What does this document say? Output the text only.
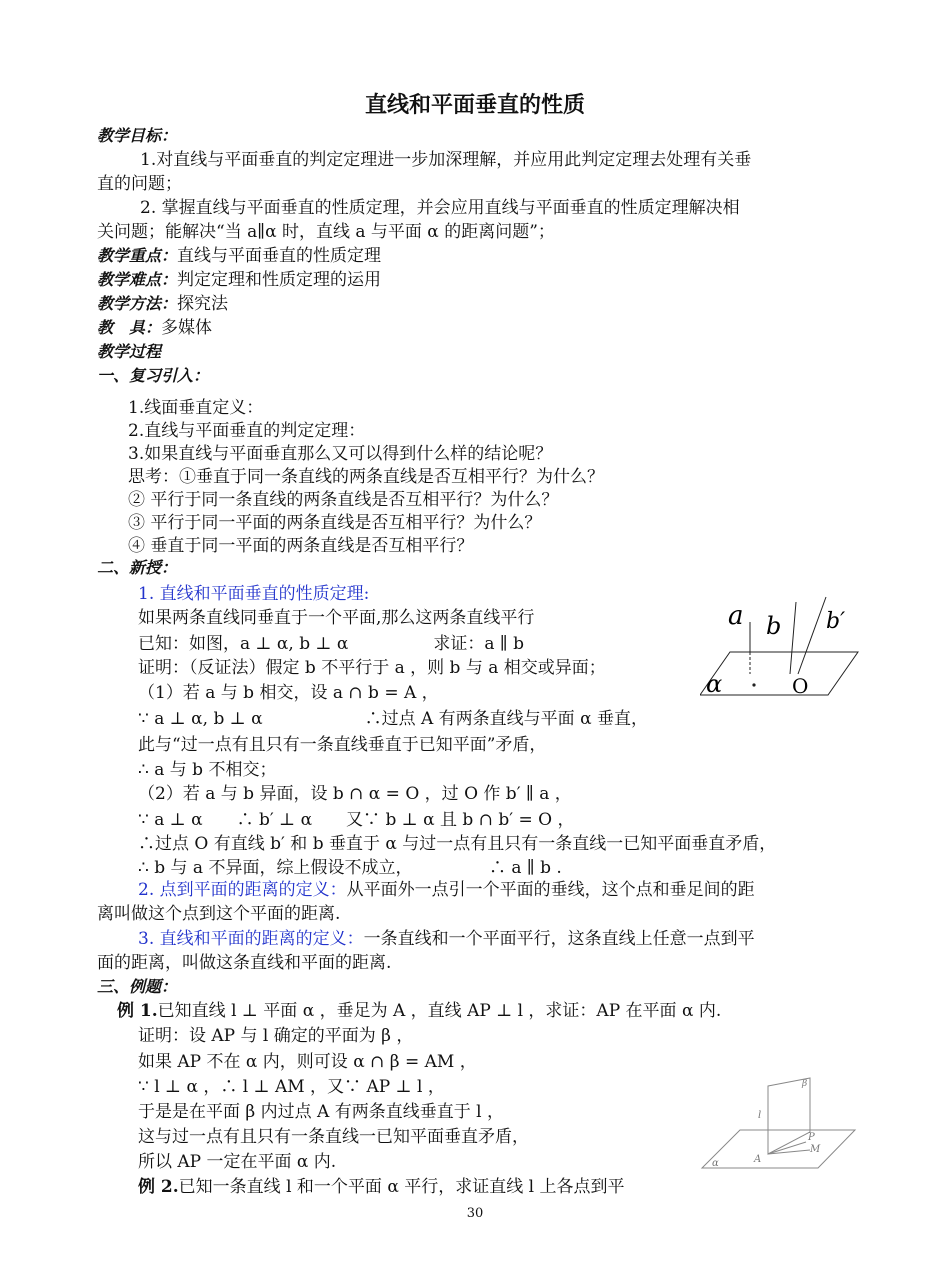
直线和平面垂直的性质
教学目标：
1.对直线与平面垂直的判定定理进一步加深理解，并应用此判定定理去处理有关垂
直的问题；
2. 掌握直线与平面垂直的性质定理，并会应用直线与平面垂直的性质定理解决相
关问题；能解决“当 a∥α 时，直线 a 与平面 α 的距离问题”；
教学重点：直线与平面垂直的性质定理
教学难点：判定定理和性质定理的运用
教学方法：探究法
教　具：多媒体
教学过程
一、复习引入：
1.线面垂直定义：
2.直线与平面垂直的判定定理：
3.如果直线与平面垂直那么又可以得到什么样的结论呢？
思考：①垂直于同一条直线的两条直线是否互相平行？为什么？
② 平行于同一条直线的两条直线是否互相平行？为什么？
③ 平行于同一平面的两条直线是否互相平行？为什么？
④ 垂直于同一平面的两条直线是否互相平行？
二、新授：
1. 直线和平面垂直的性质定理:
如果两条直线同垂直于一个平面,那么这两条直线平行
已知：如图，a ⊥ α, b ⊥ α　　　　　求证：a ∥ b
证明：（反证法）假定 b 不平行于 a ，则 b 与 a 相交或异面；
（1）若 a 与 b 相交，设 a ∩ b = A ，
∵ a ⊥ α, b ⊥ α　　　　　　∴过点 A 有两条直线与平面 α 垂直，
此与“过一点有且只有一条直线垂直于已知平面”矛盾，
∴ a 与 b 不相交；
（2）若 a 与 b 异面，设 b ∩ α = O ，过 O 作 b′ ∥ a ，
∵ a ⊥ α　　∴ b′ ⊥ α　　又∵ b ⊥ α 且 b ∩ b′ = O ，
∴过点 O 有直线 b′ 和 b 垂直于 α 与过一点有且只有一条直线一已知平面垂直矛盾，
∴ b 与 a 不异面，综上假设不成立，　　　　　∴ a ∥ b .
2. 点到平面的距离的定义：从平面外一点引一个平面的垂线，这个点和垂足间的距
离叫做这个点到这个平面的距离.
3. 直线和平面的距离的定义：一条直线和一个平面平行，这条直线上任意一点到平
面的距离，叫做这条直线和平面的距离.
三、例题：
例 1.已知直线 l ⊥ 平面 α ，垂足为 A ，直线 AP ⊥ l ，求证：AP 在平面 α 内.
证明：设 AP 与 l 确定的平面为 β ，
如果 AP 不在 α 内，则可设 α ∩ β = AM ，
∵ l ⊥ α ，∴ l ⊥ AM ，又∵ AP ⊥ l ，
于是是在平面 β 内过点 A 有两条直线垂直于 l ，
这与过一点有且只有一条直线一已知平面垂直矛盾，
所以 AP 一定在平面 α 内.
例 2.已知一条直线 l 和一个平面 α 平行，求证直线 l 上各点到平
a b b′
α	O
β
l
P
M
A
α
30
